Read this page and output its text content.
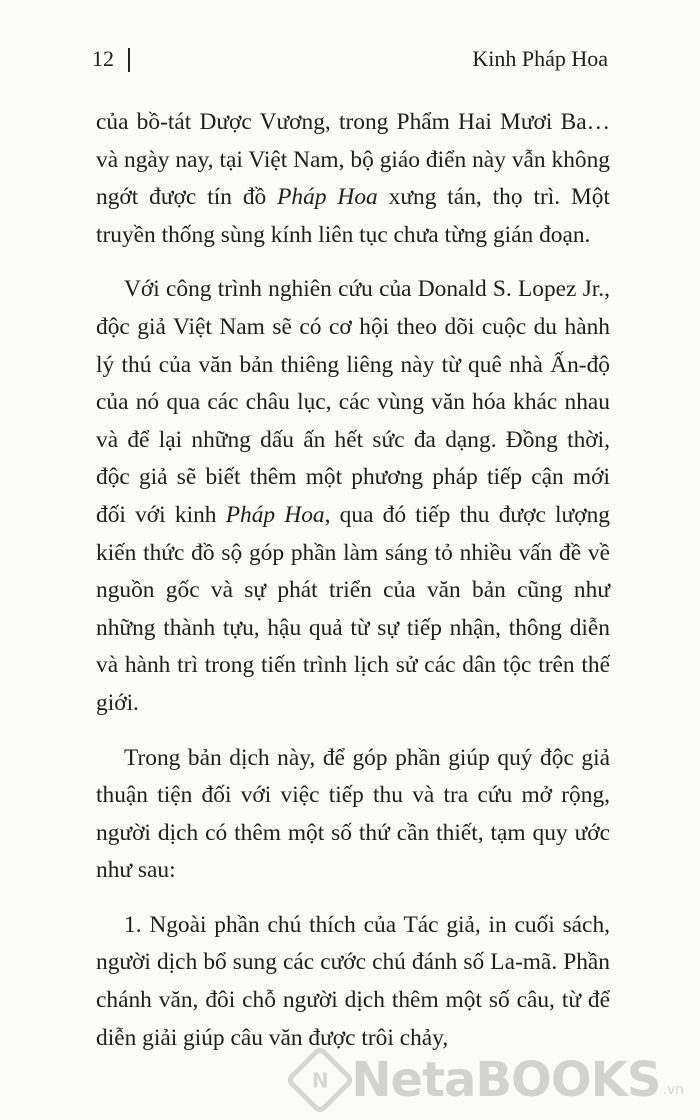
12	Kinh Pháp Hoa

của bồ-tát Dược Vương, trong Phẩm Hai Mươi Ba… và ngày nay, tại Việt Nam, bộ giáo điển này vẫn không ngớt được tín đồ Pháp Hoa xưng tán, thọ trì. Một truyền thống sùng kính liên tục chưa từng gián đoạn.

Với công trình nghiên cứu của Donald S. Lopez Jr., độc giả Việt Nam sẽ có cơ hội theo dõi cuộc du hành lý thú của văn bản thiêng liêng này từ quê nhà Ấn-độ của nó qua các châu lục, các vùng văn hóa khác nhau và để lại những dấu ấn hết sức đa dạng. Đồng thời, độc giả sẽ biết thêm một phương pháp tiếp cận mới đối với kinh Pháp Hoa, qua đó tiếp thu được lượng kiến thức đồ sộ góp phần làm sáng tỏ nhiều vấn đề về nguồn gốc và sự phát triển của văn bản cũng như những thành tựu, hậu quả từ sự tiếp nhận, thông diễn và hành trì trong tiến trình lịch sử các dân tộc trên thế giới.

Trong bản dịch này, để góp phần giúp quý độc giả thuận tiện đối với việc tiếp thu và tra cứu mở rộng, người dịch có thêm một số thứ cần thiết, tạm quy ước như sau:

1. Ngoài phần chú thích của Tác giả, in cuối sách, người dịch bổ sung các cước chú đánh số La-mã. Phần chánh văn, đôi chỗ người dịch thêm một số câu, từ để diễn giải giúp câu văn được trôi chảy,

N NetaBOOKS .vn
